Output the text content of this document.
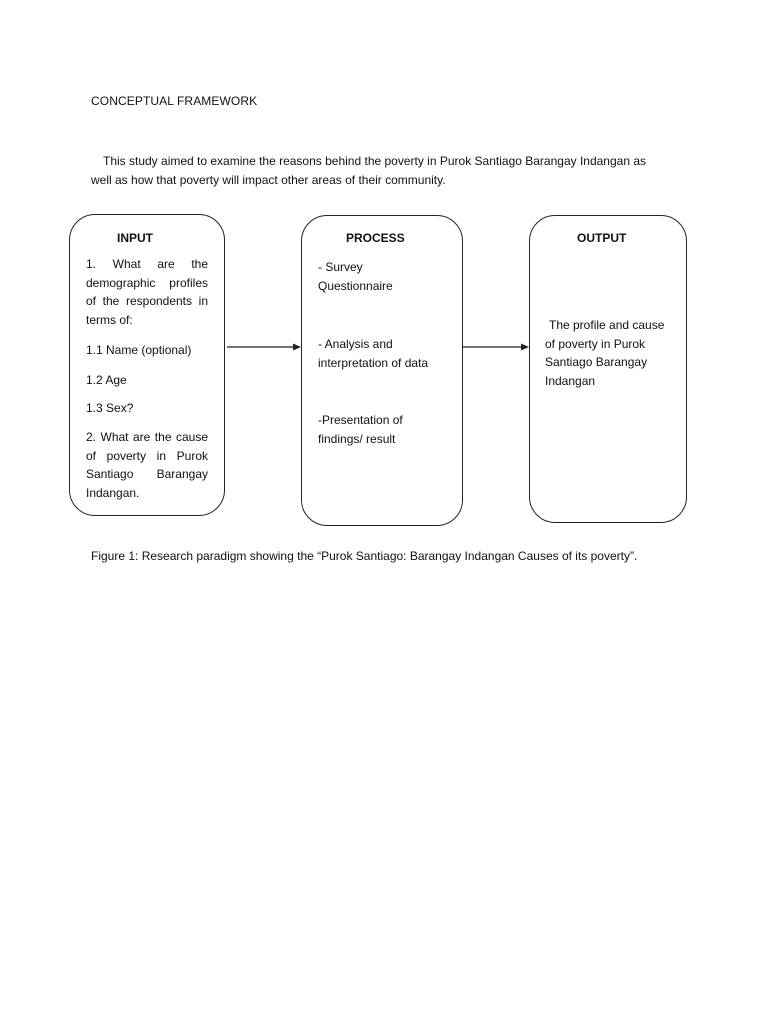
CONCEPTUAL FRAMEWORK
This study aimed to examine the reasons behind the poverty in Purok Santiago Barangay Indangan as
well as how that poverty will impact other areas of their community.
INPUT

1. What are the demographic profiles of the respondents in terms of:

1.1 Name (optional)

1.2 Age

1.3 Sex?

2. What are the cause of poverty in Purok Santiago Barangay Indangan.

PROCESS

- Survey Questionnaire

- Analysis and interpretation of data

-Presentation of findings/ result

OUTPUT

The profile and cause of poverty in Purok Santiago Barangay Indangan

Figure 1: Research paradigm showing the “Purok Santiago: Barangay Indangan Causes of its poverty”.
